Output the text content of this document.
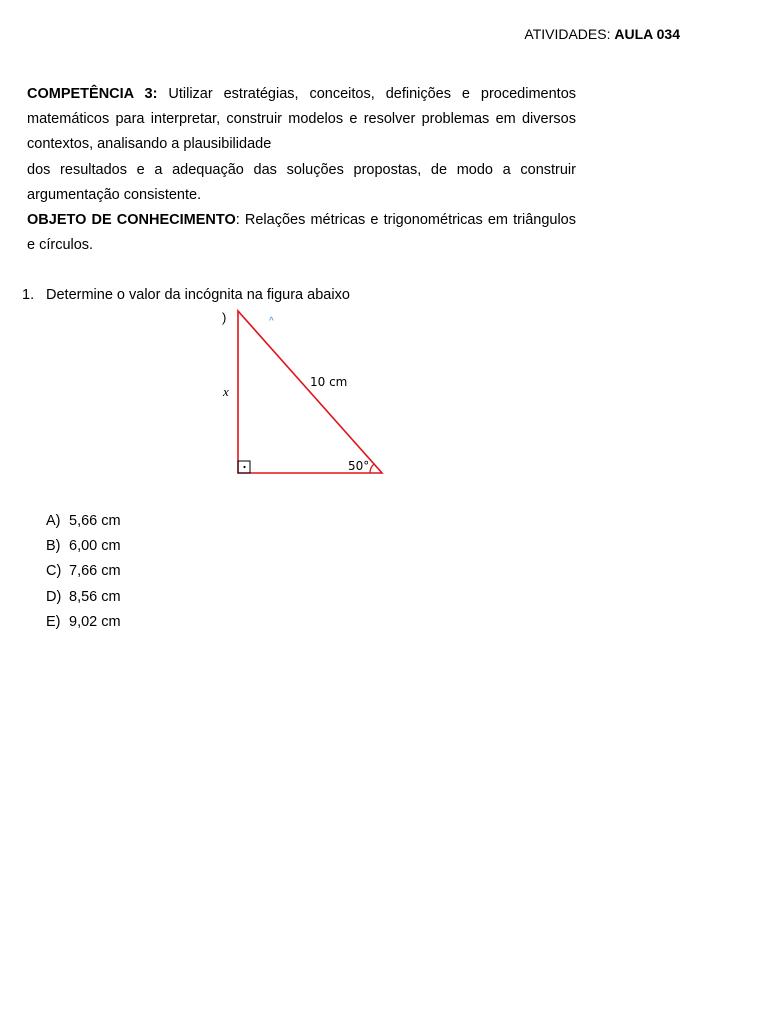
ATIVIDADES: AULA 034

COMPETÊNCIA 3: Utilizar estratégias, conceitos, definições e procedimentos matemáticos para interpretar, construir modelos e resolver problemas em diversos contextos, analisando a plausibilidade

dos resultados e a adequação das soluções propostas, de modo a construir argumentação consistente.

OBJETO DE CONHECIMENTO: Relações métricas e trigonométricas em triângulos e círculos.

1. Determine o valor da incógnita na figura abaixo
)	^
x
10 cm
50°
A) 5,66 cm
B) 6,00 cm
C) 7,66 cm
D) 8,56 cm
E) 9,02 cm
